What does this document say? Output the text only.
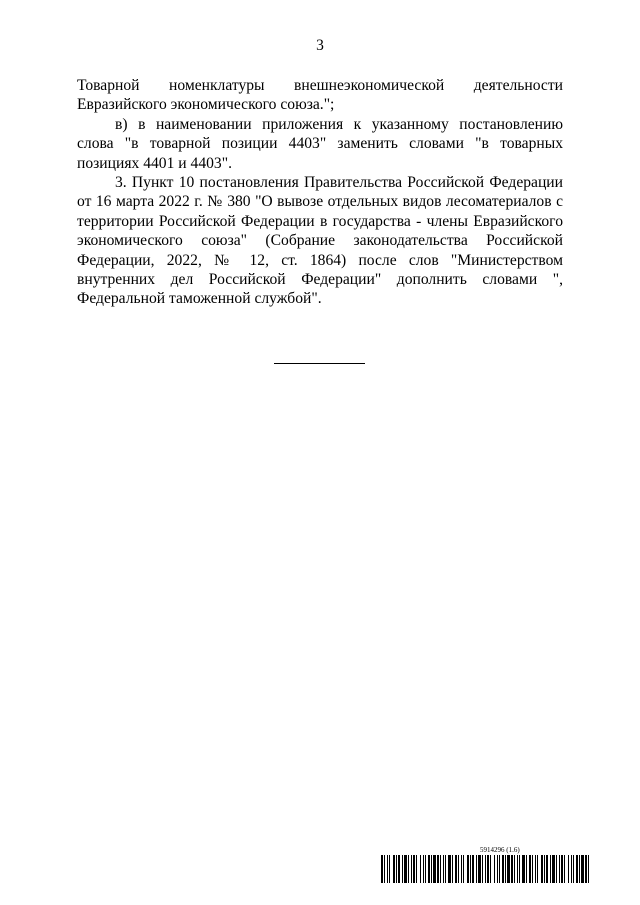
3

Товарной номенклатуры внешнеэкономической деятельности Евразийского экономического союза.";

в) в наименовании приложения к указанному постановлению слова "в товарной позиции 4403" заменить словами "в товарных позициях 4401 и 4403".

3. Пункт 10 постановления Правительства Российской Федерации от 16 марта 2022 г. № 380 "О вывозе отдельных видов лесоматериалов с территории Российской Федерации в государства - члены Евразийского экономического союза" (Собрание законодательства Российской Федерации, 2022, № 12, ст. 1864) после слов "Министерством внутренних дел Российской Федерации" дополнить словами ", Федеральной таможенной службой".

5914296 (1.6)
